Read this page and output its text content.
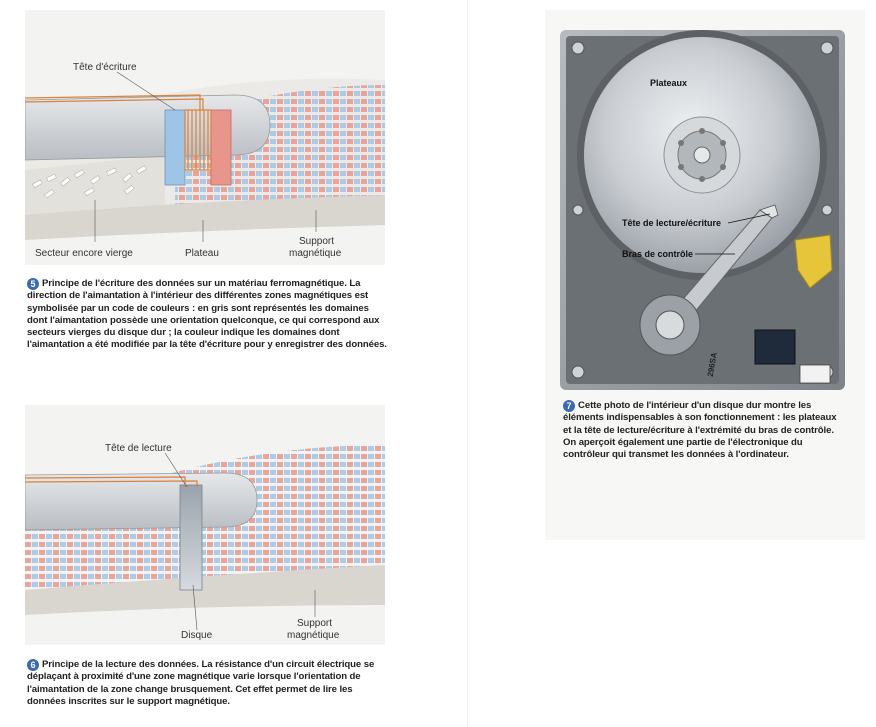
Tête d'écriture
Secteur encore vierge	Plateau
Support
magnétique
5 Principe de l'écriture des données sur un matériau ferromagnétique. La direction de l'aimantation à l'intérieur des différentes zones magnétiques est symbolisée par un code de couleurs : en gris sont représentés les domaines dont l'aimantation possède une orientation quelconque, ce qui correspond aux secteurs vierges du disque dur ; la couleur indique les domaines dont l'aimantation a été modifiée par la tête d'écriture pour y enregistrer des données.
Tête de lecture
Disque
Support
magnétique
6 Principe de la lecture des données. La résistance d'un circuit électrique se déplaçant à proximité d'une zone magnétique varie lorsque l'orientation de l'aimantation de la zone change brusquement. Cet effet permet de lire les données inscrites sur le support magnétique.
Plateaux
Tête de lecture/écriture
Bras de contrôle
296SA
7 Cette photo de l'intérieur d'un disque dur montre les éléments indispensables à son fonctionnement : les plateaux et la tête de lecture/écriture à l'extrémité du bras de contrôle. On aperçoit également une partie de l'électronique du contrôleur qui transmet les données à l'ordinateur.
